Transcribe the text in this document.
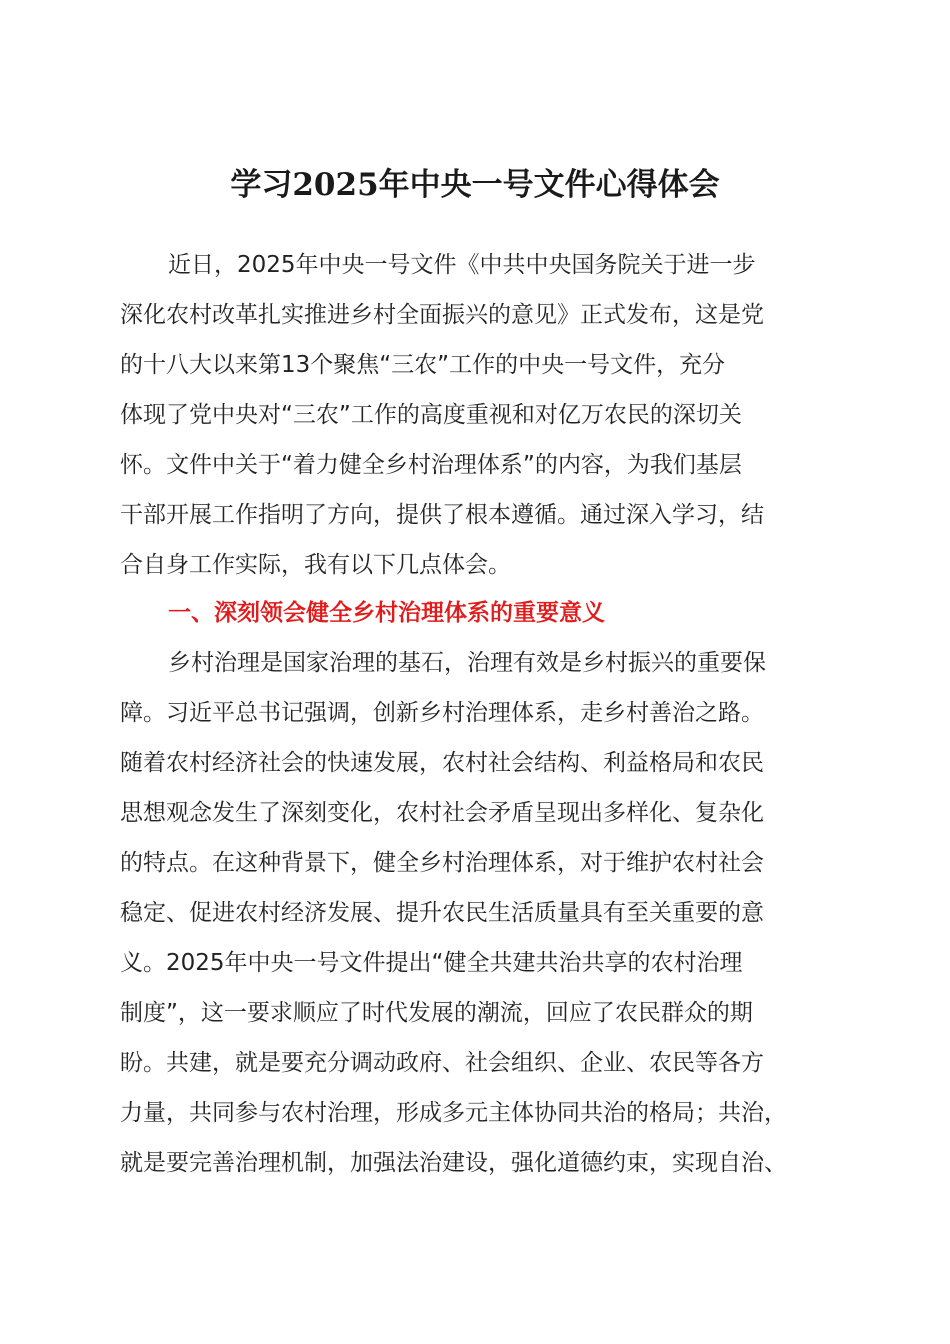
学习2025年中央一号文件心得体会
近日，2025年中央一号文件《中共中央国务院关于进一步
深化农村改革扎实推进乡村全面振兴的意见》正式发布，这是党
的十八大以来第13个聚焦“三农”工作的中央一号文件，充分
体现了党中央对“三农”工作的高度重视和对亿万农民的深切关
怀。文件中关于“着力健全乡村治理体系”的内容，为我们基层
干部开展工作指明了方向，提供了根本遵循。通过深入学习，结
合自身工作实际，我有以下几点体会。
一、深刻领会健全乡村治理体系的重要意义
乡村治理是国家治理的基石，治理有效是乡村振兴的重要保
障。习近平总书记强调，创新乡村治理体系，走乡村善治之路。
随着农村经济社会的快速发展，农村社会结构、利益格局和农民
思想观念发生了深刻变化，农村社会矛盾呈现出多样化、复杂化
的特点。在这种背景下，健全乡村治理体系，对于维护农村社会
稳定、促进农村经济发展、提升农民生活质量具有至关重要的意
义。2025年中央一号文件提出“健全共建共治共享的农村治理
制度”，这一要求顺应了时代发展的潮流，回应了农民群众的期
盼。共建，就是要充分调动政府、社会组织、企业、农民等各方
力量，共同参与农村治理，形成多元主体协同共治的格局；共治，
就是要完善治理机制，加强法治建设，强化道德约束，实现自治、
